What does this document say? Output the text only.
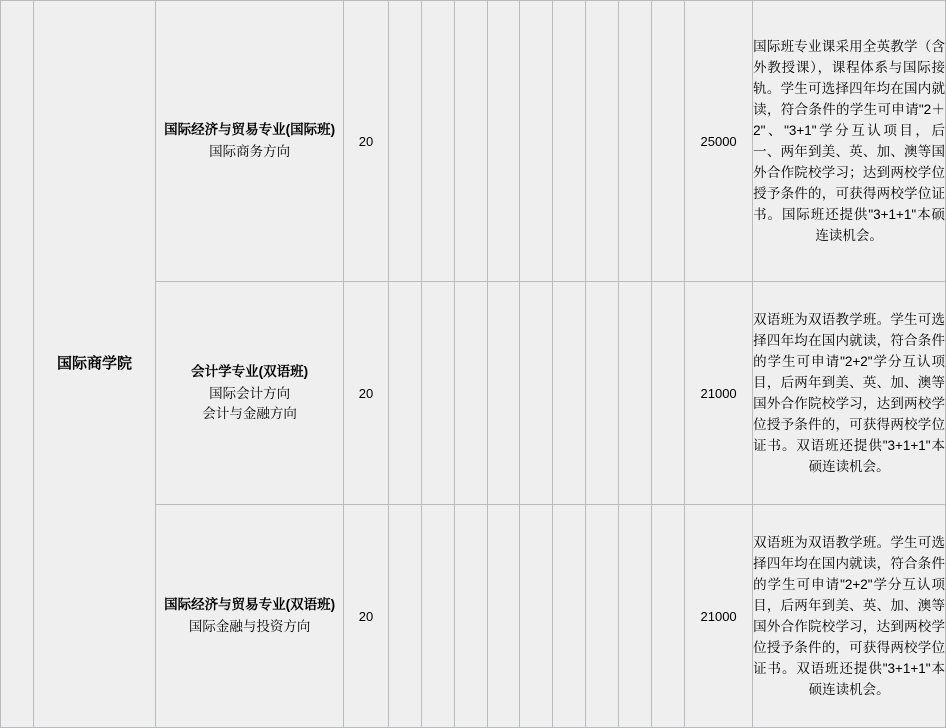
	国际商学院	国际经济与贸易专业(国际班)
国际商务方向	20										25000	国际班专业课采用全英教学（含外教授课），课程体系与国际接轨。学生可选择四年均在国内就读，符合条件的学生可申请"2＋2"、"3+1"学分互认项目，后一、两年到美、英、加、澳等国外合作院校学习；达到两校学位授予条件的，可获得两校学位证书。国际班还提供"3+1+1"本硕连读机会。

		会计学专业(双语班)
国际会计方向
会计与金融方向	20										21000	双语班为双语教学班。学生可选择四年均在国内就读，符合条件的学生可申请"2+2"学分互认项目，后两年到美、英、加、澳等国外合作院校学习，达到两校学位授予条件的，可获得两校学位证书。双语班还提供"3+1+1"本硕连读机会。

		国际经济与贸易专业(双语班)
国际金融与投资方向	20										21000	双语班为双语教学班。学生可选择四年均在国内就读，符合条件的学生可申请"2+2"学分互认项目，后两年到美、英、加、澳等国外合作院校学习，达到两校学位授予条件的，可获得两校学位证书。双语班还提供"3+1+1"本硕连读机会。
